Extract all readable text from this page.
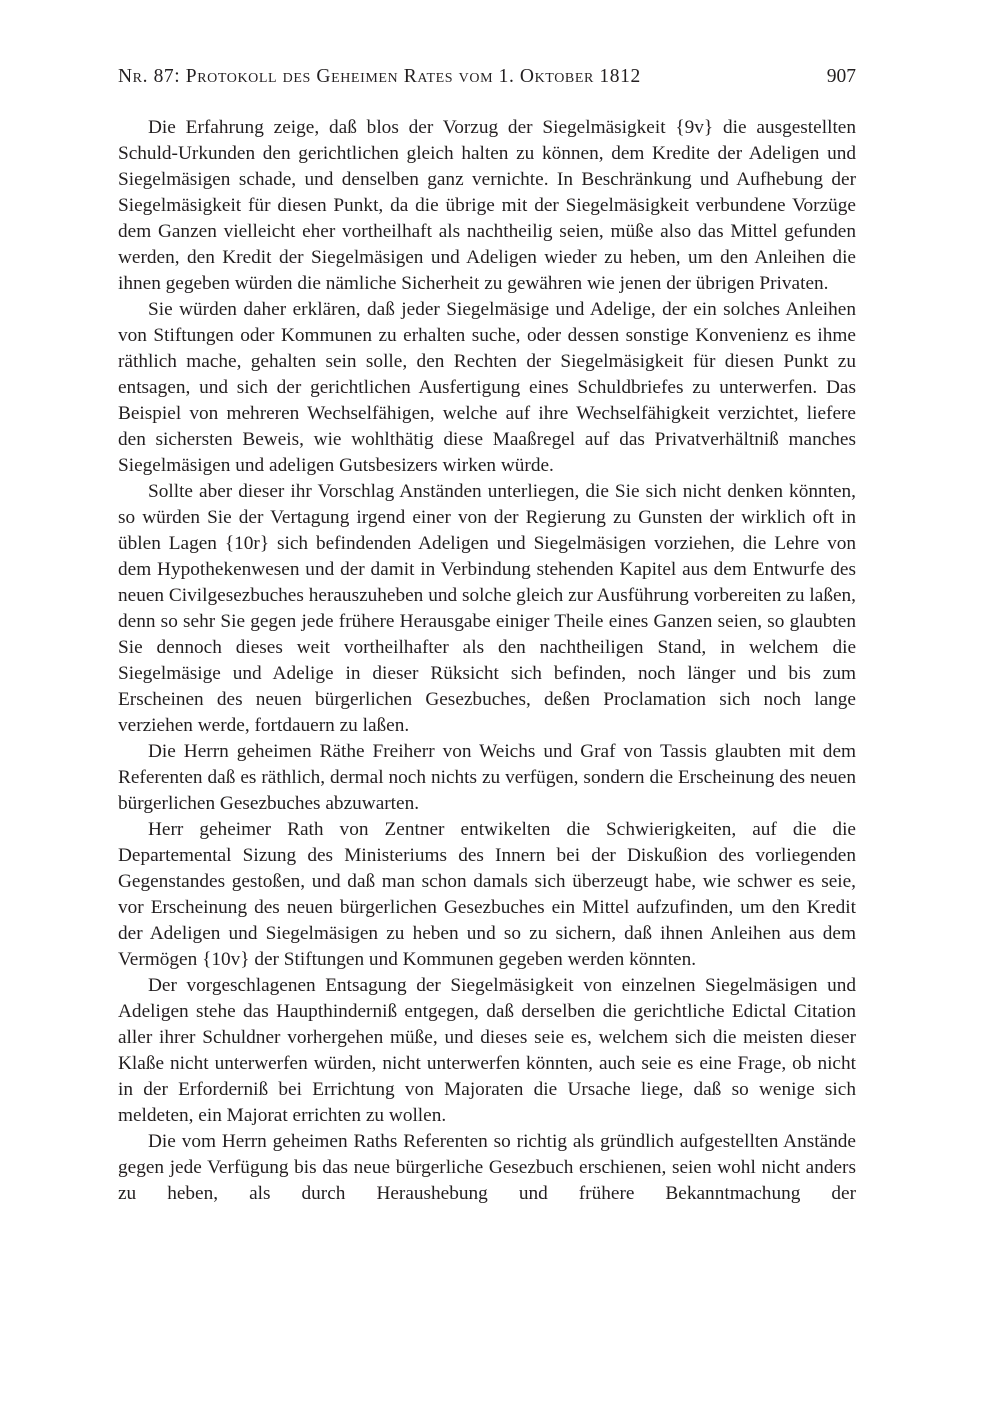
Nr. 87: Protokoll des Geheimen Rates vom 1. Oktober 1812	907

Die Erfahrung zeige, daß blos der Vorzug der Siegelmäsigkeit {9v} die ausgestellten Schuld-Urkunden den gerichtlichen gleich halten zu können, dem Kredite der Adeligen und Siegelmäsigen schade, und denselben ganz vernichte. In Beschränkung und Aufhebung der Siegelmäsigkeit für diesen Punkt, da die übrige mit der Siegelmäsigkeit verbundene Vorzüge dem Ganzen vielleicht eher vortheilhaft als nachtheilig seien, müße also das Mittel gefunden werden, den Kredit der Siegelmäsigen und Adeligen wieder zu heben, um den Anleihen die ihnen gegeben würden die nämliche Sicherheit zu gewähren wie jenen der übrigen Privaten.

Sie würden daher erklären, daß jeder Siegelmäsige und Adelige, der ein solches Anleihen von Stiftungen oder Kommunen zu erhalten suche, oder dessen sonstige Konvenienz es ihme räthlich mache, gehalten sein solle, den Rechten der Siegelmäsigkeit für diesen Punkt zu entsagen, und sich der gerichtlichen Ausfertigung eines Schuldbriefes zu unterwerfen. Das Beispiel von mehreren Wechselfähigen, welche auf ihre Wechselfähigkeit verzichtet, liefere den sichersten Beweis, wie wohlthätig diese Maaßregel auf das Privatverhältniß manches Siegelmäsigen und adeligen Gutsbesizers wirken würde.

Sollte aber dieser ihr Vorschlag Anständen unterliegen, die Sie sich nicht denken könnten, so würden Sie der Vertagung irgend einer von der Regierung zu Gunsten der wirklich oft in üblen Lagen {10r} sich befindenden Adeligen und Siegelmäsigen vorziehen, die Lehre von dem Hypothekenwesen und der damit in Verbindung stehenden Kapitel aus dem Entwurfe des neuen Civilgesezbuches herauszuheben und solche gleich zur Ausführung vorbereiten zu laßen, denn so sehr Sie gegen jede frühere Herausgabe einiger Theile eines Ganzen seien, so glaubten Sie dennoch dieses weit vortheilhafter als den nachtheiligen Stand, in welchem die Siegelmäsige und Adelige in dieser Rüksicht sich befinden, noch länger und bis zum Erscheinen des neuen bürgerlichen Gesezbuches, deßen Proclamation sich noch lange verziehen werde, fortdauern zu laßen.

Die Herrn geheimen Räthe Freiherr von Weichs und Graf von Tassis glaubten mit dem Referenten daß es räthlich, dermal noch nichts zu verfügen, sondern die Erscheinung des neuen bürgerlichen Gesezbuches abzuwarten.

Herr geheimer Rath von Zentner entwikelten die Schwierigkeiten, auf die die Departemental Sizung des Ministeriums des Innern bei der Diskußion des vorliegenden Gegenstandes gestoßen, und daß man schon damals sich überzeugt habe, wie schwer es seie, vor Erscheinung des neuen bürgerlichen Gesezbuches ein Mittel aufzufinden, um den Kredit der Adeligen und Siegelmäsigen zu heben und so zu sichern, daß ihnen Anleihen aus dem Vermögen {10v} der Stiftungen und Kommunen gegeben werden könnten.

Der vorgeschlagenen Entsagung der Siegelmäsigkeit von einzelnen Siegelmäsigen und Adeligen stehe das Haupthinderniß entgegen, daß derselben die gerichtliche Edictal Citation aller ihrer Schuldner vorhergehen müße, und dieses seie es, welchem sich die meisten dieser Klaße nicht unterwerfen würden, nicht unterwerfen könnten, auch seie es eine Frage, ob nicht in der Erforderniß bei Errichtung von Majoraten die Ursache liege, daß so wenige sich meldeten, ein Majorat errichten zu wollen.

Die vom Herrn geheimen Raths Referenten so richtig als gründlich aufgestellten Anstände gegen jede Verfügung bis das neue bürgerliche Gesezbuch erschienen, seien wohl nicht anders zu heben, als durch Heraushebung und frühere Bekanntmachung der
